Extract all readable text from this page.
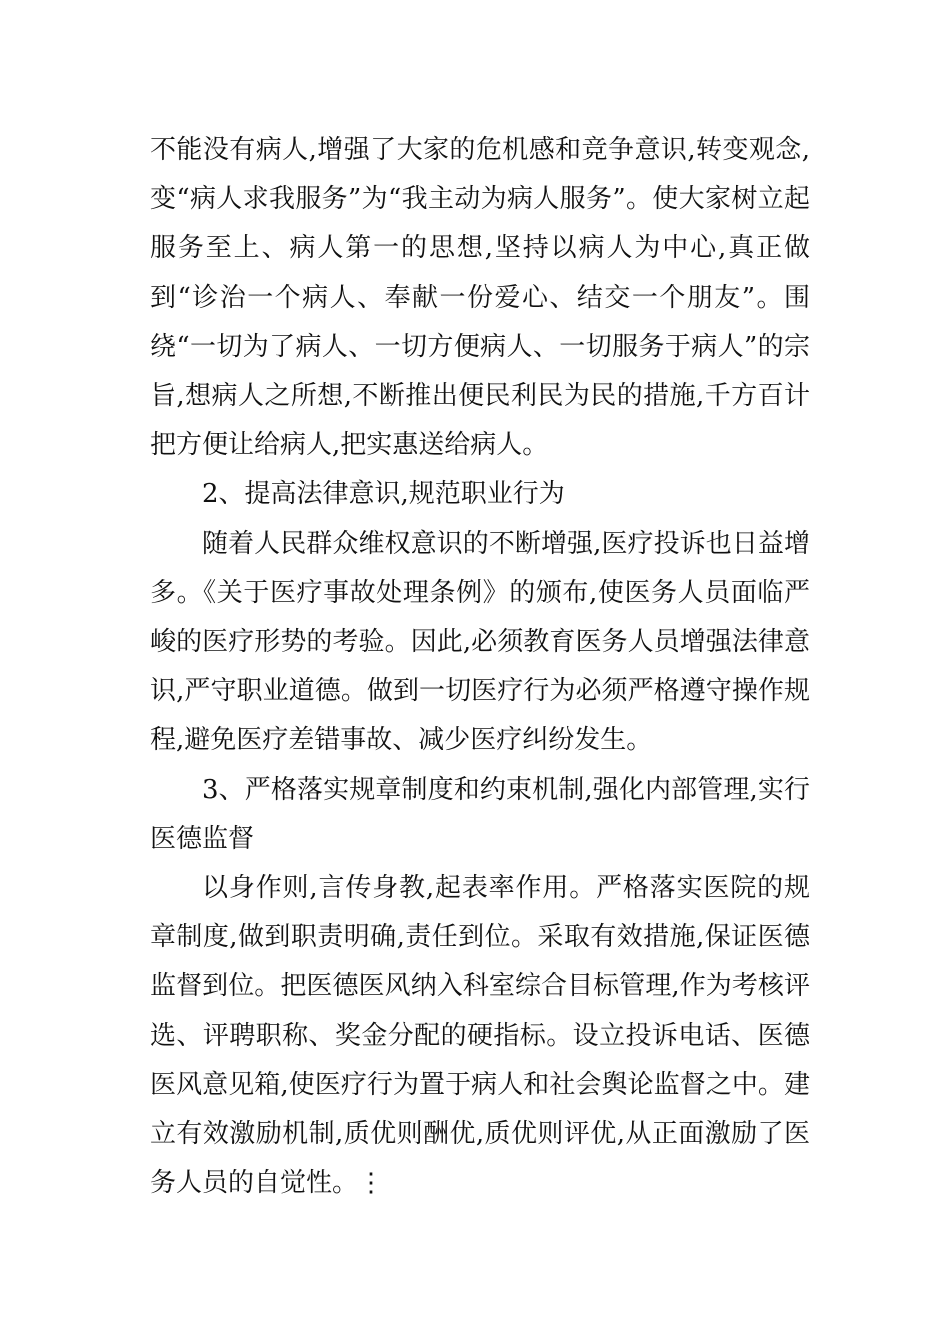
不能没有病人,增强了大家的危机感和竞争意识,转变观念,变“病人求我服务”为“我主动为病人服务”。使大家树立起服务至上、病人第一的思想,坚持以病人为中心,真正做到“诊治一个病人、奉献一份爱心、结交一个朋友”。围绕“一切为了病人、一切方便病人、一切服务于病人”的宗旨,想病人之所想,不断推出便民利民为民的措施,千方百计把方便让给病人,把实惠送给病人。

2、提高法律意识,规范职业行为

随着人民群众维权意识的不断增强,医疗投诉也日益增多。《关于医疗事故处理条例》的颁布,使医务人员面临严峻的医疗形势的考验。因此,必须教育医务人员增强法律意识,严守职业道德。做到一切医疗行为必须严格遵守操作规程,避免医疗差错事故、减少医疗纠纷发生。

3、严格落实规章制度和约束机制,强化内部管理,实行医德监督

以身作则,言传身教,起表率作用。严格落实医院的规章制度,做到职责明确,责任到位。采取有效措施,保证医德监督到位。把医德医风纳入科室综合目标管理,作为考核评选、评聘职称、奖金分配的硬指标。设立投诉电话、医德医风意见箱,使医疗行为置于病人和社会舆论监督之中。建立有效激励机制,质优则酬优,质优则评优,从正面激励了医务人员的自觉性。⋮
